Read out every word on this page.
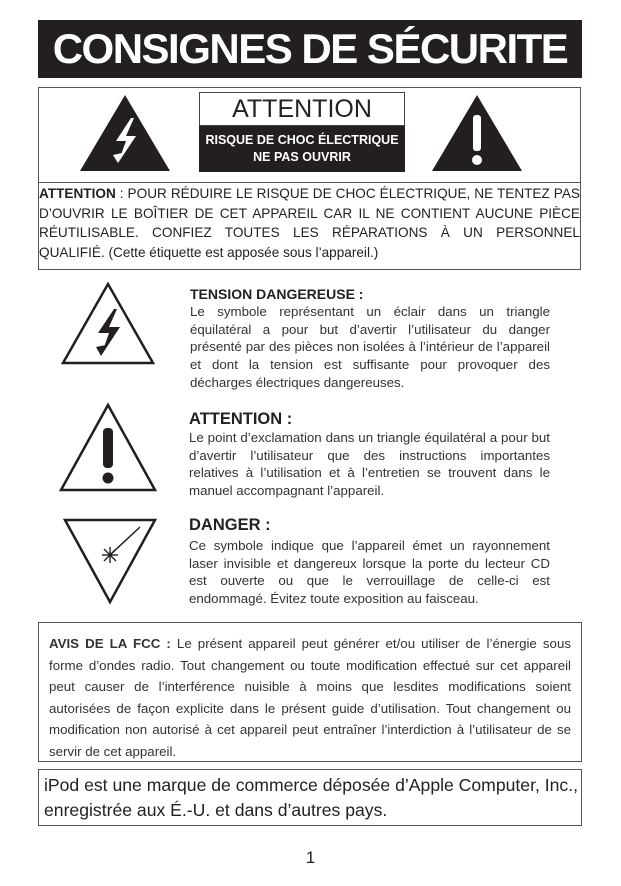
CONSIGNES DE SÉCURITE
ATTENTION
RISQUE DE CHOC ÉLECTRIQUE
NE PAS OUVRIR
ATTENTION : POUR RÉDUIRE LE RISQUE DE CHOC ÉLECTRIQUE, NE TENTEZ PAS D’OUVRIR LE BOÎTIER DE CET APPAREIL CAR IL NE CONTIENT AUCUNE PIÈCE RÉUTILISABLE. CONFIEZ TOUTES LES RÉPARATIONS À UN PERSONNEL QUALIFIÉ. (Cette étiquette est apposée sous l’appareil.)
TENSION DANGEREUSE :
Le symbole représentant un éclair dans un triangle équilatéral a pour but d’avertir l’utilisateur du danger présenté par des pièces non isolées à l’intérieur de l’appareil et dont la tension est suffisante pour provoquer des décharges électriques dangereuses.
ATTENTION :
Le point d’exclamation dans un triangle équilatéral a pour but d’avertir l’utilisateur que des instructions importantes relatives à l’utilisation et à l’entretien se trouvent dans le manuel accompagnant l’appareil.
DANGER :
Ce symbole indique que l’appareil émet un rayonnement laser invisible et dangereux lorsque la porte du lecteur CD est ouverte ou que le verrouillage de celle-ci est endommagé. Évitez toute exposition au faisceau.
AVIS DE LA FCC : Le présent appareil peut générer et/ou utiliser de l’énergie sous forme d’ondes radio. Tout changement ou toute modification effectué sur cet appareil peut causer de l’interférence nuisible à moins que lesdites modifications soient autorisées de façon explicite dans le présent guide d’utilisation. Tout changement ou modification non autorisé à cet appareil peut entraîner l’interdiction à l’utilisateur de se servir de cet appareil.
iPod est une marque de commerce déposée d’Apple Computer, Inc., enregistrée aux É.-U. et dans d’autres pays.
1
